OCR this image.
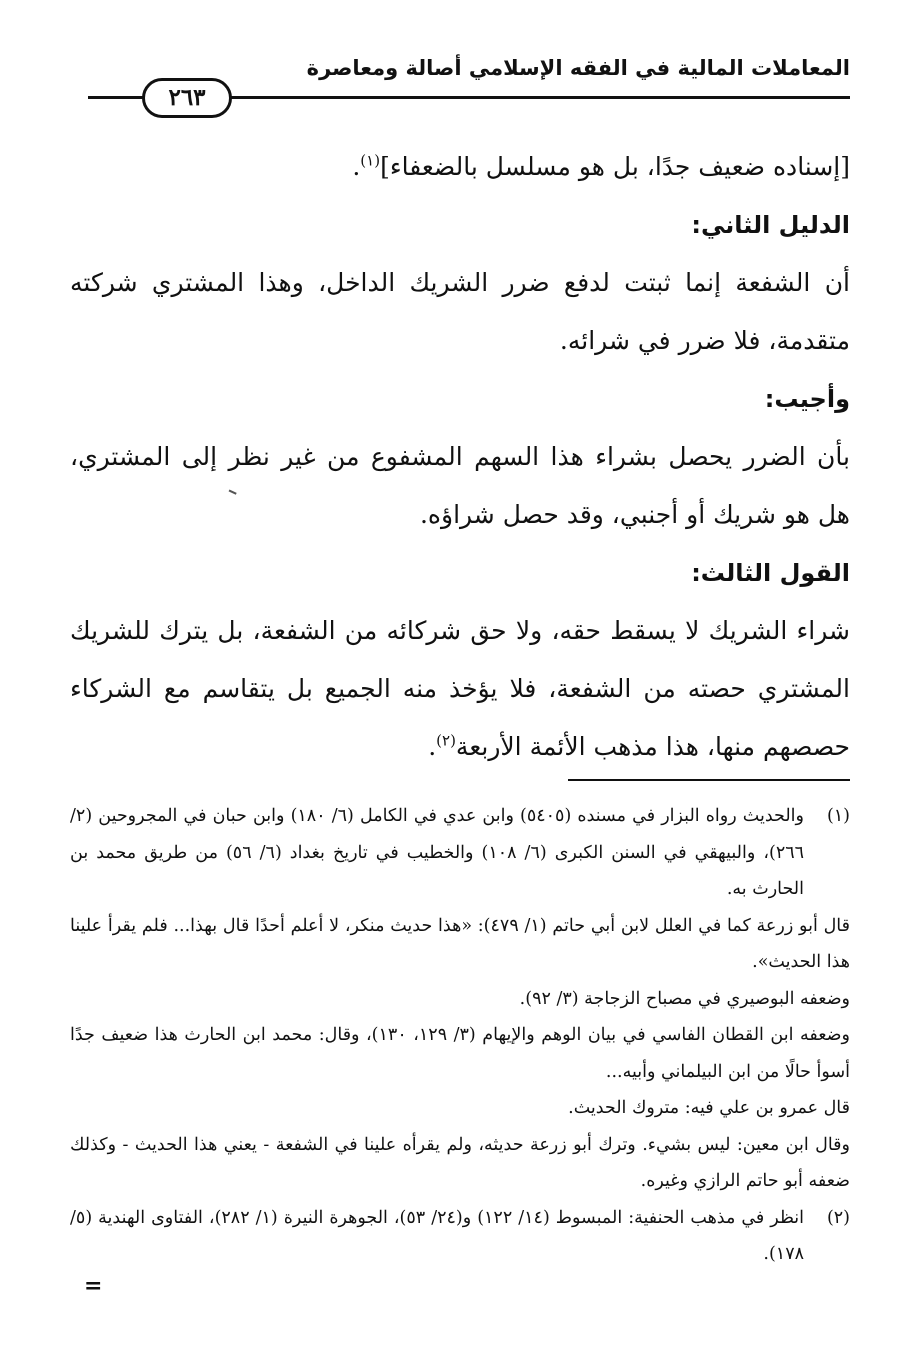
المعاملات المالية في الفقه الإسلامي أصالة ومعاصرة
٢٦٣

[إسناده ضعيف جدًا، بل هو مسلسل بالضعفاء]$^{(١)}$.

الدليل الثاني:

أن الشفعة إنما ثبتت لدفع ضرر الشريك الداخل، وهذا المشتري شركته متقدمة، فلا ضرر في شرائه.

وأجيب:

بأن الضرر يحصل بشراء هذا السهم المشفوع من غير نظر إلى المشتري، هل هو شريك أو أجنبي، وقد حصل شراؤه.

القول الثالث:

شراء الشريك لا يسقط حقه، ولا حق شركائه من الشفعة، بل يترك للشريك المشتري حصته من الشفعة، فلا يؤخذ منه الجميع بل يتقاسم مع الشركاء حصصهم منها، هذا مذهب الأئمة الأربعة$^{(٢)}$.

(١)
والحديث رواه البزار في مسنده (٥٤٠٥) وابن عدي في الكامل (٦/ ١٨٠) وابن حبان في المجروحين (٢/ ٢٦٦)، والبيهقي في السنن الكبرى (٦/ ١٠٨) والخطيب في تاريخ بغداد (٦/ ٥٦) من طريق محمد بن الحارث به.
قال أبو زرعة كما في العلل لابن أبي حاتم (١/ ٤٧٩): «هذا حديث منكر، لا أعلم أحدًا قال بهذا... فلم يقرأ علينا هذا الحديث».
وضعفه البوصيري في مصباح الزجاجة (٣/ ٩٢).
وضعفه ابن القطان الفاسي في بيان الوهم والإيهام (٣/ ١٢٩، ١٣٠)، وقال: محمد ابن الحارث هذا ضعيف جدًا أسوأ حالًا من ابن البيلماني وأبيه...
قال عمرو بن علي فيه: متروك الحديث.
وقال ابن معين: ليس بشيء. وترك أبو زرعة حديثه، ولم يقرأه علينا في الشفعة - يعني هذا الحديث - وكذلك ضعفه أبو حاتم الرازي وغيره.
(٢)
انظر في مذهب الحنفية: المبسوط (١٤/ ١٢٢) و(٢٤/ ٥٣)، الجوهرة النيرة (١/ ٢٨٢)، الفتاوى الهندية (٥/ ١٧٨).
=
